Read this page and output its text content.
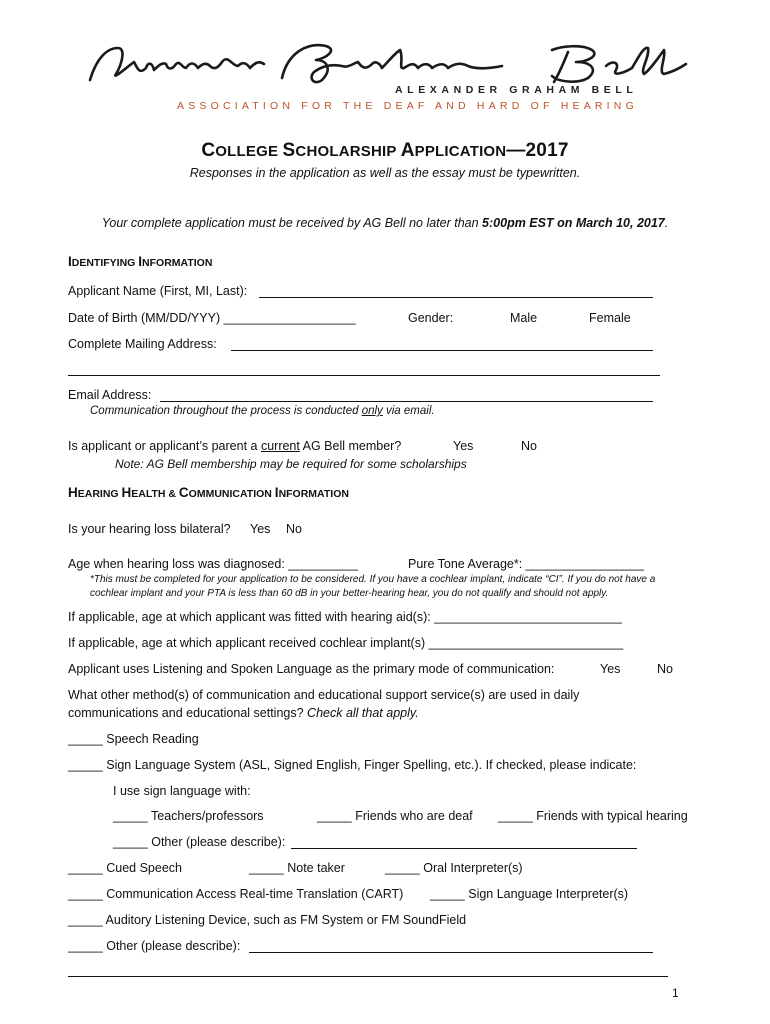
ALEXANDER GRAHAM BELL
ASSOCIATION FOR THE DEAF AND HARD OF HEARING
COLLEGE SCHOLARSHIP APPLICATION—2017
Responses in the application as well as the essay must be typewritten.
Your complete application must be received by AG Bell no later than 5:00pm EST on March 10, 2017.
IDENTIFYING INFORMATION
Applicant Name (First, MI, Last):
Date of Birth (MM/DD/YYY) ___________________	Gender:	Male	Female
Complete Mailing Address:
Email Address:
Communication throughout the process is conducted only via email.
Is applicant or applicant’s parent a current AG Bell member?	Yes	No
Note: AG Bell membership may be required for some scholarships
HEARING HEALTH & COMMUNICATION INFORMATION
Is your hearing loss bilateral? Yes No
Age when hearing loss was diagnosed: __________	Pure Tone Average*: _________________
*This must be completed for your application to be considered. If you have a cochlear implant, indicate “CI”. If you do not have a
cochlear implant and your PTA is less than 60 dB in your better-hearing hear, you do not qualify and should not apply.
If applicable, age at which applicant was fitted with hearing aid(s): ___________________________
If applicable, age at which applicant received cochlear implant(s) ____________________________
Applicant uses Listening and Spoken Language as the primary mode of communication:	Yes	No
What other method(s) of communication and educational support service(s) are used in daily
communications and educational settings? Check all that apply.
_____ Speech Reading
_____ Sign Language System (ASL, Signed English, Finger Spelling, etc.). If checked, please indicate:
I use sign language with:
_____ Teachers/professors	_____ Friends who are deaf _____ Friends with typical hearing
_____ Other (please describe):
_____ Cued Speech	_____ Note taker	_____ Oral Interpreter(s)
_____ Communication Access Real-time Translation (CART) _____ Sign Language Interpreter(s)
_____ Auditory Listening Device, such as FM System or FM SoundField
_____ Other (please describe):
1
